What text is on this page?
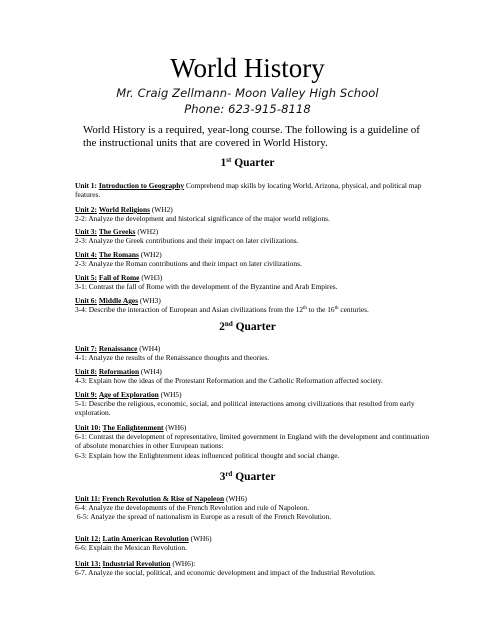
World History
Mr. Craig Zellmann- Moon Valley High School
Phone: 623-915-8118
World History is a required, year-long course. The following is a guideline of the instructional units that are covered in World History.
1st Quarter

Unit 1: Introduction to Geography Comprehend map skills by locating World, Arizona, physical, and political map features.

Unit 2: World Religions (WH2)

2-2: Analyze the development and historical significance of the major world religions.

Unit 3: The Greeks (WH2)

2-3: Analyze the Greek contributions and their impact on later civilizations.

Unit 4: The Romans (WH2)

2-3: Analyze the Roman contributions and their impact on later civilizations.

Unit 5: Fall of Rome (WH3)

3-1: Contrast the fall of Rome with the development of the Byzantine and Arab Empires.

Unit 6: Middle Ages (WH3)

3-4: Describe the interaction of European and Asian civilizations from the 12th to the 16th centuries.

2nd Quarter

Unit 7: Renaissance (WH4)

4-1: Analyze the results of the Renaissance thoughts and theories.

Unit 8: Reformation (WH4)

4-3: Explain how the ideas of the Protestant Reformation and the Catholic Reformation affected society.

Unit 9: Age of Exploration (WH5)

5-1: Describe the religious, economic, social, and political interactions among civilizations that resulted from early exploration.

Unit 10: The Enlightenment (WH6)

6-1: Contrast the development of representative, limited government in England with the development and continuation of absolute monarchies in other European nations:

6-3: Explain how the Enlightenment ideas influenced political thought and social change.

3rd Quarter

Unit 11: French Revolution & Rise of Napoleon (WH6)

6-4: Analyze the developments of the French Revolution and rule of Napoleon.

6-5: Analyze the spread of nationalism in Europe as a result of the French Revolution.

Unit 12: Latin American Revolution (WH6)

6-6: Explain the Mexican Revolution.

Unit 13: Industrial Revolution (WH6):

6-7. Analyze the social, political, and economic development and impact of the Industrial Revolution.
